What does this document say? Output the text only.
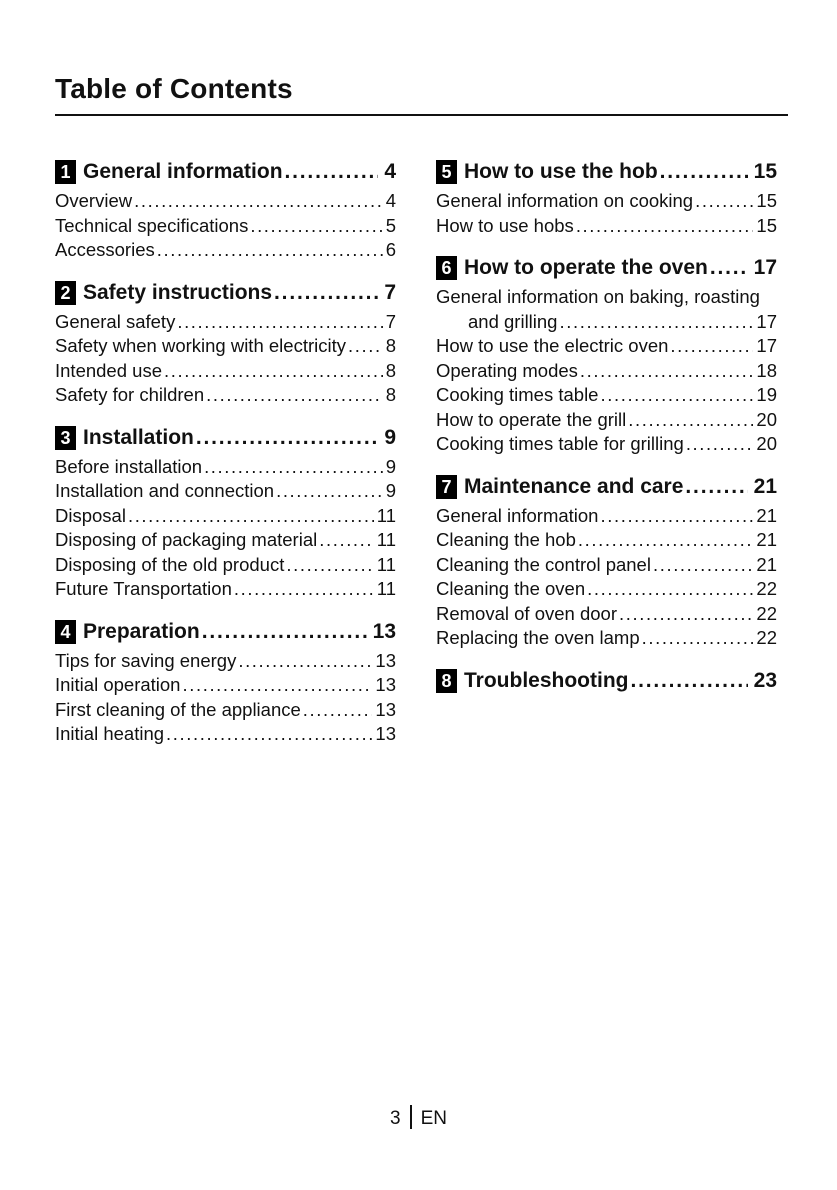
Table of Contents
1 General information .....	4
Overview .....	4
Technical specifications .....	5
Accessories .....	6
2 Safety instructions .....	7
General safety .....	7
Safety when working with electricity ..... 8
Intended use .....	8
Safety for children .....	8
3 Installation .....	9
Before installation .....	9
Installation and connection .....	9
Disposal .....	11
Disposing of packaging material .....	11
Disposing of the old product .....	11
Future Transportation .....	11
4 Preparation .....	13
Tips for saving energy .....	13
Initial operation .....	13
First cleaning of the appliance .....	13
Initial heating .....	13
5 How to use the hob .....	15
General information on cooking .....	15
How to use hobs .....	15
6 How to operate the oven ..... 17
General information on baking, roasting
and grilling .....	17
How to use the electric oven .....	17
Operating modes .....	18
Cooking times table .....	19
How to operate the grill .....	20
Cooking times table for grilling .....	20
7 Maintenance and care .....	21
General information .....	21
Cleaning the hob .....	21
Cleaning the control panel .....	21
Cleaning the oven .....	22
Removal of oven door .....	22
Replacing the oven lamp .....	22
8 Troubleshooting .....	23
3 EN
